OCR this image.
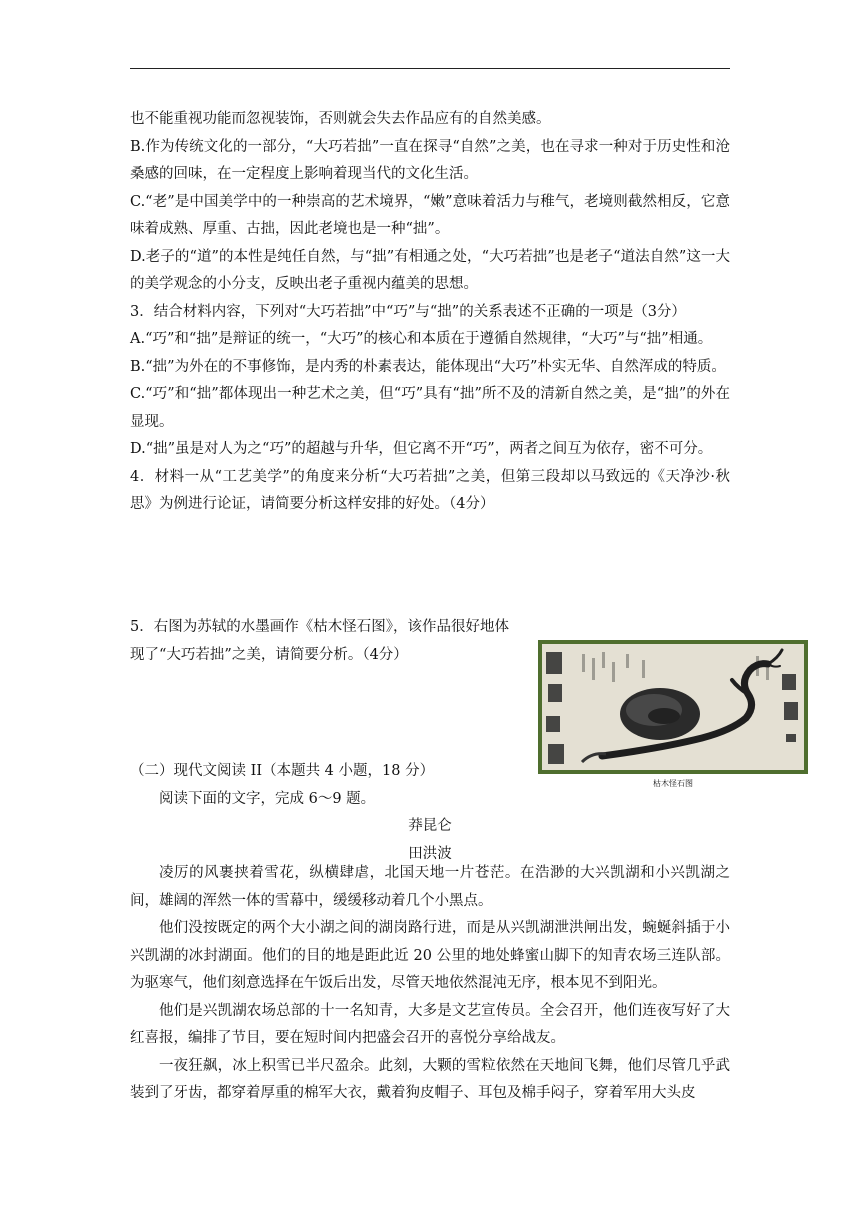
也不能重视功能而忽视装饰，否则就会失去作品应有的自然美感。

B.作为传统文化的一部分，“大巧若拙”一直在探寻“自然”之美，也在寻求一种对于历史性和沧桑感的回味，在一定程度上影响着现当代的文化生活。

C.“老”是中国美学中的一种崇高的艺术境界，“嫩”意味着活力与稚气，老境则截然相反，它意味着成熟、厚重、古拙，因此老境也是一种“拙”。

D.老子的“道”的本性是纯任自然，与“拙”有相通之处，“大巧若拙”也是老子“道法自然”这一大的美学观念的小分支，反映出老子重视内蕴美的思想。

3．结合材料内容，下列对“大巧若拙”中“巧”与“拙”的关系表述不正确的一项是（3分）

A.“巧”和“拙”是辩证的统一，“大巧”的核心和本质在于遵循自然规律，“大巧”与“拙”相通。

B.“拙”为外在的不事修饰，是内秀的朴素表达，能体现出“大巧”朴实无华、自然浑成的特质。

C.“巧”和“拙”都体现出一种艺术之美，但“巧”具有“拙”所不及的清新自然之美，是“拙”的外在显现。

D.“拙”虽是对人为之“巧”的超越与升华，但它离不开“巧”，两者之间互为依存，密不可分。

4．材料一从“工艺美学”的角度来分析“大巧若拙”之美，但第三段却以马致远的《天净沙·秋思》为例进行论证，请简要分析这样安排的好处。（4分）

5．右图为苏轼的水墨画作《枯木怪石图》，该作品很好地体现了“大巧若拙”之美，请简要分析。（4分）

枯木怪石图

（二）现代文阅读 II（本题共 4 小题，18 分）

阅读下面的文字，完成 6～9 题。

莽昆仑

田洪波

凌厉的风裹挟着雪花，纵横肆虐，北国天地一片苍茫。在浩渺的大兴凯湖和小兴凯湖之间，雄阔的浑然一体的雪幕中，缓缓移动着几个小黑点。

他们没按既定的两个大小湖之间的湖岗路行进，而是从兴凯湖泄洪闸出发，蜿蜒斜插于小兴凯湖的冰封湖面。他们的目的地是距此近 20 公里的地处蜂蜜山脚下的知青农场三连队部。为驱寒气，他们刻意选择在午饭后出发，尽管天地依然混沌无序，根本见不到阳光。

他们是兴凯湖农场总部的十一名知青，大多是文艺宣传员。全会召开，他们连夜写好了大红喜报，编排了节目，要在短时间内把盛会召开的喜悦分享给战友。

一夜狂飙，冰上积雪已半尺盈余。此刻，大颗的雪粒依然在天地间飞舞，他们尽管几乎武装到了牙齿，都穿着厚重的棉军大衣，戴着狗皮帽子、耳包及棉手闷子，穿着军用大头皮
